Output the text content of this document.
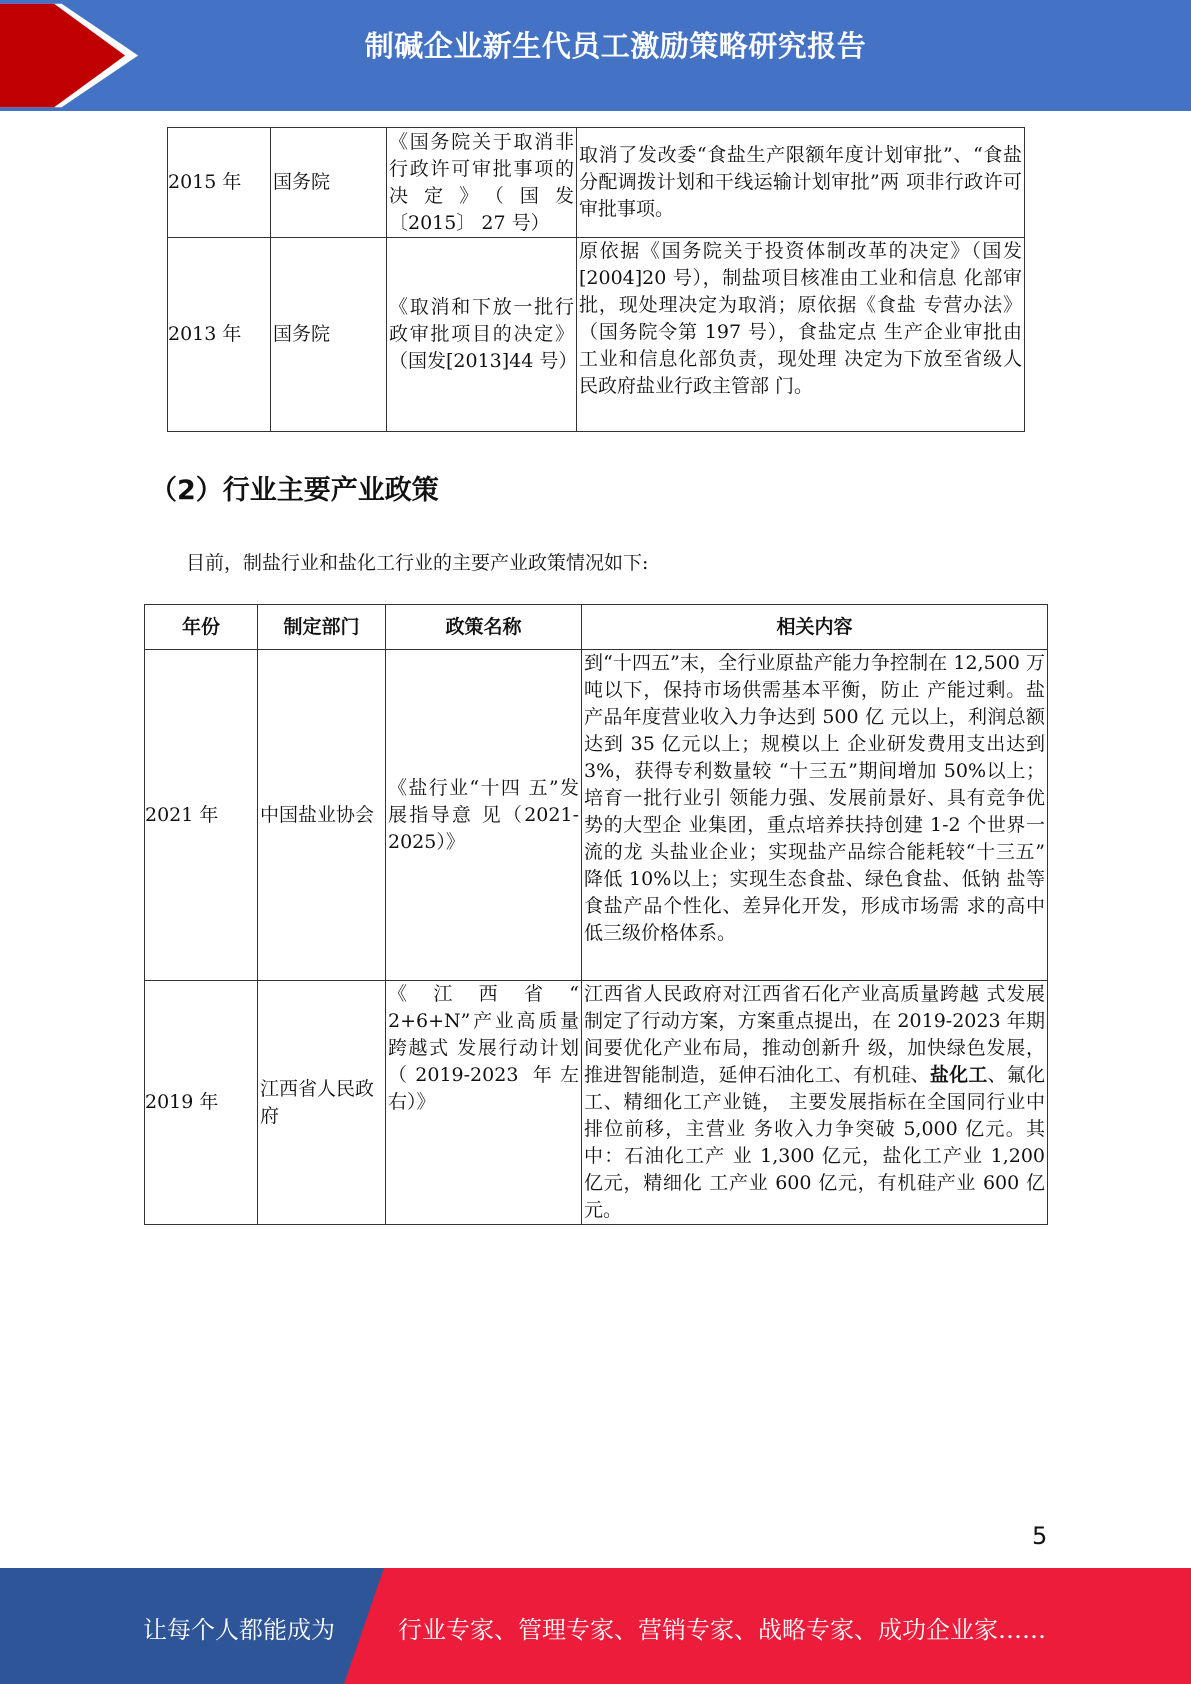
制碱企业新生代员工激励策略研究报告
2015 年	国务院	《国务院关于取消非行政许可审批事项的决定》（国发〔2015〕 27 号）	取消了发改委“食盐生产限额年度计划审批”、“食盐分配调拨计划和干线运输计划审批”两 项非行政许可审批事项。
2013 年	国务院	《取消和下放一批行政审批项目的决定》（国发[2013]44 号）	原依据《国务院关于投资体制改革的决定》（国发[2004]20 号），制盐项目核准由工业和信息 化部审批，现处理决定为取消；原依据《食盐 专营办法》（国务院令第 197 号），食盐定点 生产企业审批由工业和信息化部负责，现处理 决定为下放至省级人民政府盐业行政主管部 门。
（2）行业主要产业政策
目前，制盐行业和盐化工行业的主要产业政策情况如下:
年份	制定部门	政策名称	相关内容
2021 年	中国盐业协会	《盐行业“十四 五”发展指导意 见（2021-2025）》	到“十四五”末，全行业原盐产能力争控制在 12,500 万吨以下，保持市场供需基本平衡，防止 产能过剩。盐产品年度营业收入力争达到 500 亿 元以上，利润总额达到 35 亿元以上；规模以上 企业研发费用支出达到 3%，获得专利数量较 “十三五”期间增加 50%以上；培育一批行业引 领能力强、发展前景好、具有竞争优势的大型企 业集团，重点培养扶持创建 1-2 个世界一流的龙 头盐业企业；实现盐产品综合能耗较“十三五” 降低 10%以上；实现生态食盐、绿色食盐、低钠 盐等食盐产品个性化、差异化开发，形成市场需 求的高中低三级价格体系。
2019 年	江西省人民政府	《江西省“ 2+6+N”产业高质量跨越式 发展行动计划（2019-2023 年左右）》	江西省人民政府对江西省石化产业高质量跨越 式发展制定了行动方案，方案重点提出，在 2019-2023 年期间要优化产业布局，推动创新升 级，加快绿色发展，推进智能制造，延伸石油化工、有机硅、盐化工、氟化工、精细化工产业链， 主要发展指标在全国同行业中排位前移，主营业 务收入力争突破 5,000 亿元。其中：石油化工产 业 1,300 亿元，盐化工产业 1,200 亿元，精细化 工产业 600 亿元，有机硅产业 600 亿元。
5
让每个人都能成为	行业专家、管理专家、营销专家、战略专家、成功企业家……
